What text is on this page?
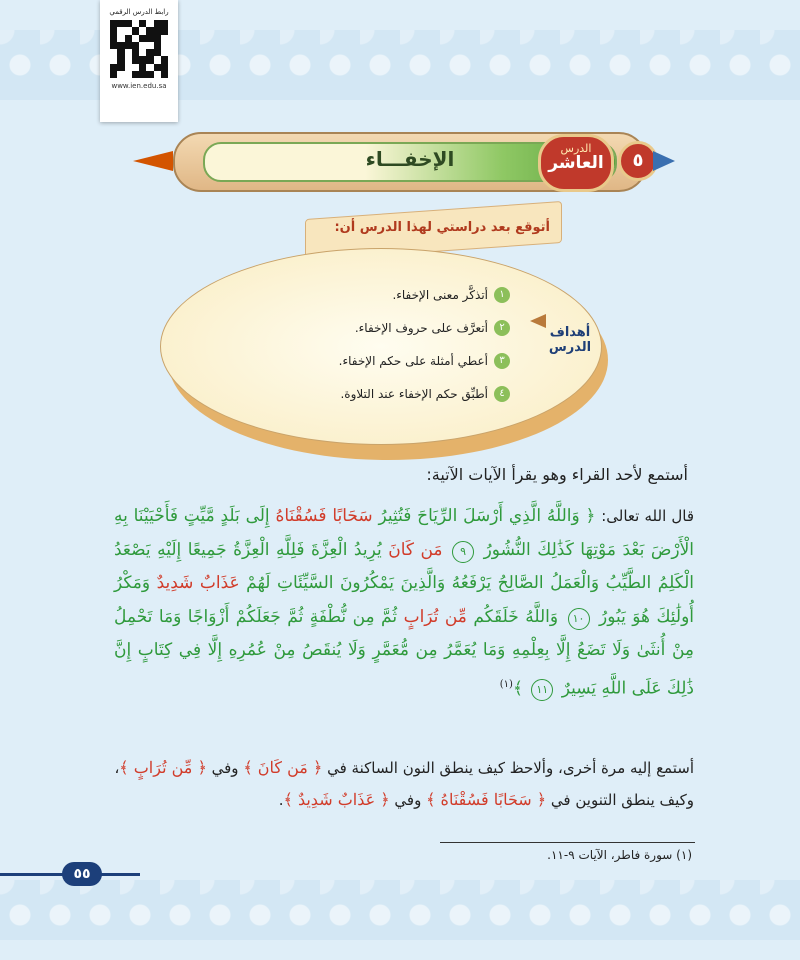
رابط الدرس الرقمي
www.ien.edu.sa
الإخفـــاء	الدرس
العاشر	٥
أتوقع بعد دراستي لهذا الدرس أن:
١
أتذكَّر معنى الإخفاء.
٢
أتعرَّف على حروف الإخفاء.
٣
أعطي أمثلة على حكم الإخفاء.
٤
أطبِّق حكم الإخفاء عند التلاوة.
أهداف الدرس
أستمع لأحد القراء وهو يقرأ الآيات الآتية:
قال الله تعالى: ﴿ وَاللَّهُ الَّذِي أَرْسَلَ الرِّيَاحَ فَتُثِيرُ سَحَابًا فَسُقْنَاهُ إِلَى بَلَدٍ مَّيِّتٍ فَأَحْيَيْنَا بِهِ الْأَرْضَ بَعْدَ مَوْتِهَا كَذَٰلِكَ النُّشُورُ ٩ مَن كَانَ يُرِيدُ الْعِزَّةَ فَلِلَّهِ الْعِزَّةُ جَمِيعًا إِلَيْهِ يَصْعَدُ الْكَلِمُ الطَّيِّبُ وَالْعَمَلُ الصَّالِحُ يَرْفَعُهُ وَالَّذِينَ يَمْكُرُونَ السَّيِّئَاتِ لَهُمْ عَذَابٌ شَدِيدٌ وَمَكْرُ أُولَٰئِكَ هُوَ يَبُورُ ١٠ وَاللَّهُ خَلَقَكُم مِّن تُرَابٍ ثُمَّ مِن نُّطْفَةٍ ثُمَّ جَعَلَكُمْ أَزْوَاجًا وَمَا تَحْمِلُ مِنْ أُنثَىٰ وَلَا تَضَعُ إِلَّا بِعِلْمِهِ وَمَا يُعَمَّرُ مِن مُّعَمَّرٍ وَلَا يُنقَصُ مِنْ عُمُرِهِ إِلَّا فِي كِتَابٍ إِنَّ ذَٰلِكَ عَلَى اللَّهِ يَسِيرٌ ١١ ﴾$^{(١)}$
أستمع إليه مرة أخرى، وألاحظ كيف ينطق النون الساكنة في ﴿ مَن كَانَ ﴾ وفي ﴿ مِّن تُرَابٍ ﴾،
وكيف ينطق التنوين في ﴿ سَحَابًا فَسُقْنَاهُ ﴾ وفي ﴿ عَذَابٌ شَدِيدٌ ﴾.
(١) سورة فاطر، الآيات ٩-١١.
٥٥
